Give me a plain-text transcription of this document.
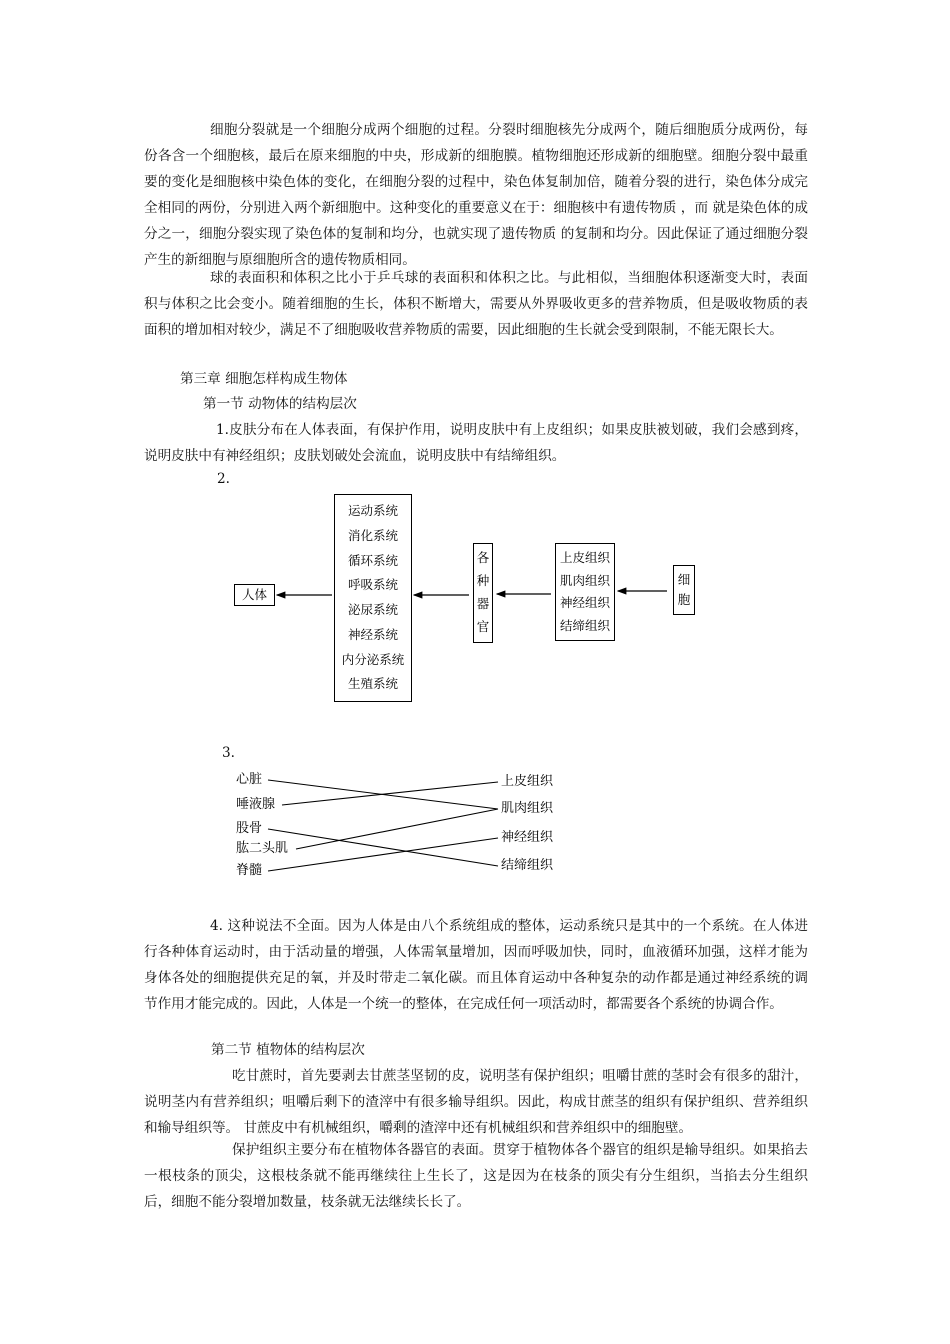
细胞分裂就是一个细胞分成两个细胞的过程。分裂时细胞核先分成两个，随后细胞质分成两份，每份各含一个细胞核，最后在原来细胞的中央，形成新的细胞膜。植物细胞还形成新的细胞壁。细胞分裂中最重要的变化是细胞核中染色体的变化，在细胞分裂的过程中，染色体复制加倍，随着分裂的进行，染色体分成完全相同的两份，分别进入两个新细胞中。这种变化的重要意义在于：细胞核中有遗传物质 ，而 就是染色体的成分之一，细胞分裂实现了染色体的复制和均分，也就实现了遗传物质 的复制和均分。因此保证了通过细胞分裂产生的新细胞与原细胞所含的遗传物质相同。

球的表面积和体积之比小于乒乓球的表面积和体积之比。与此相似，当细胞体积逐渐变大时，表面积与体积之比会变小。随着细胞的生长，体积不断增大，需要从外界吸收更多的营养物质，但是吸收物质的表面积的增加相对较少，满足不了细胞吸收营养物质的需要，因此细胞的生长就会受到限制，不能无限长大。

第三章 细胞怎样构成生物体

第一节 动物体的结构层次

1.皮肤分布在人体表面，有保护作用，说明皮肤中有上皮组织；如果皮肤被划破，我们会感到疼，说明皮肤中有神经组织；皮肤划破处会流血，说明皮肤中有结缔组织。

2.

人体
运动系统
消化系统
循环系统
呼吸系统
泌尿系统
神经系统
内分泌系统
生殖系统
各
种
器
官
上皮组织
肌肉组织
神经组织
结缔组织
细
胞

3.

心脏
唾液腺
股骨
肱二头肌
脊髓
上皮组织
肌肉组织
神经组织
结缔组织

4. 这种说法不全面。因为人体是由八个系统组成的整体，运动系统只是其中的一个系统。在人体进行各种体育运动时，由于活动量的增强，人体需氧量增加，因而呼吸加快，同时，血液循环加强，这样才能为身体各处的细胞提供充足的氧，并及时带走二氧化碳。而且体育运动中各种复杂的动作都是通过神经系统的调节作用才能完成的。因此，人体是一个统一的整体，在完成任何一项活动时，都需要各个系统的协调合作。

第二节 植物体的结构层次

吃甘蔗时，首先要剥去甘蔗茎坚韧的皮，说明茎有保护组织；咀嚼甘蔗的茎时会有很多的甜汁，说明茎内有营养组织；咀嚼后剩下的渣滓中有很多输导组织。因此，构成甘蔗茎的组织有保护组织、营养组织和输导组织等。 甘蔗皮中有机械组织，嚼剩的渣滓中还有机械组织和营养组织中的细胞壁。

保护组织主要分布在植物体各器官的表面。贯穿于植物体各个器官的组织是输导组织。如果掐去一根枝条的顶尖，这根枝条就不能再继续往上生长了，这是因为在枝条的顶尖有分生组织，当掐去分生组织后，细胞不能分裂增加数量，枝条就无法继续长长了。
